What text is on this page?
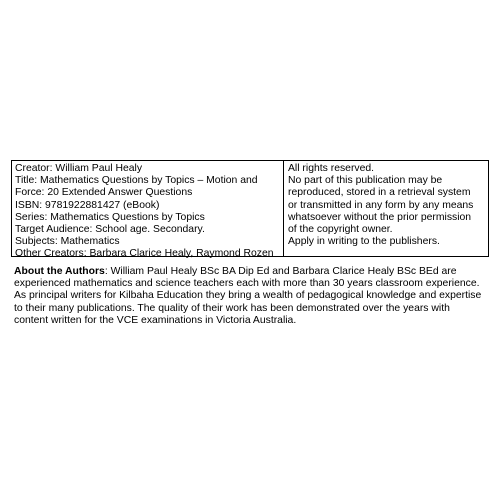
Creator: William Paul Healy
Title: Mathematics Questions by Topics – Motion and
Force: 20 Extended Answer Questions
ISBN: 9781922881427 (eBook)
Series: Mathematics Questions by Topics
Target Audience: School age. Secondary.
Subjects: Mathematics
Other Creators: Barbara Clarice Healy, Raymond Rozen
All rights reserved.
No part of this publication may be
reproduced, stored in a retrieval system
or transmitted in any form by any means
whatsoever without the prior permission
of the copyright owner.
Apply in writing to the publishers.
About the Authors: William Paul Healy BSc BA Dip Ed and Barbara Clarice Healy BSc BEd are
experienced mathematics and science teachers each with more than 30 years classroom experience.
As principal writers for Kilbaha Education they bring a wealth of pedagogical knowledge and expertise
to their many publications. The quality of their work has been demonstrated over the years with
content written for the VCE examinations in Victoria Australia.
